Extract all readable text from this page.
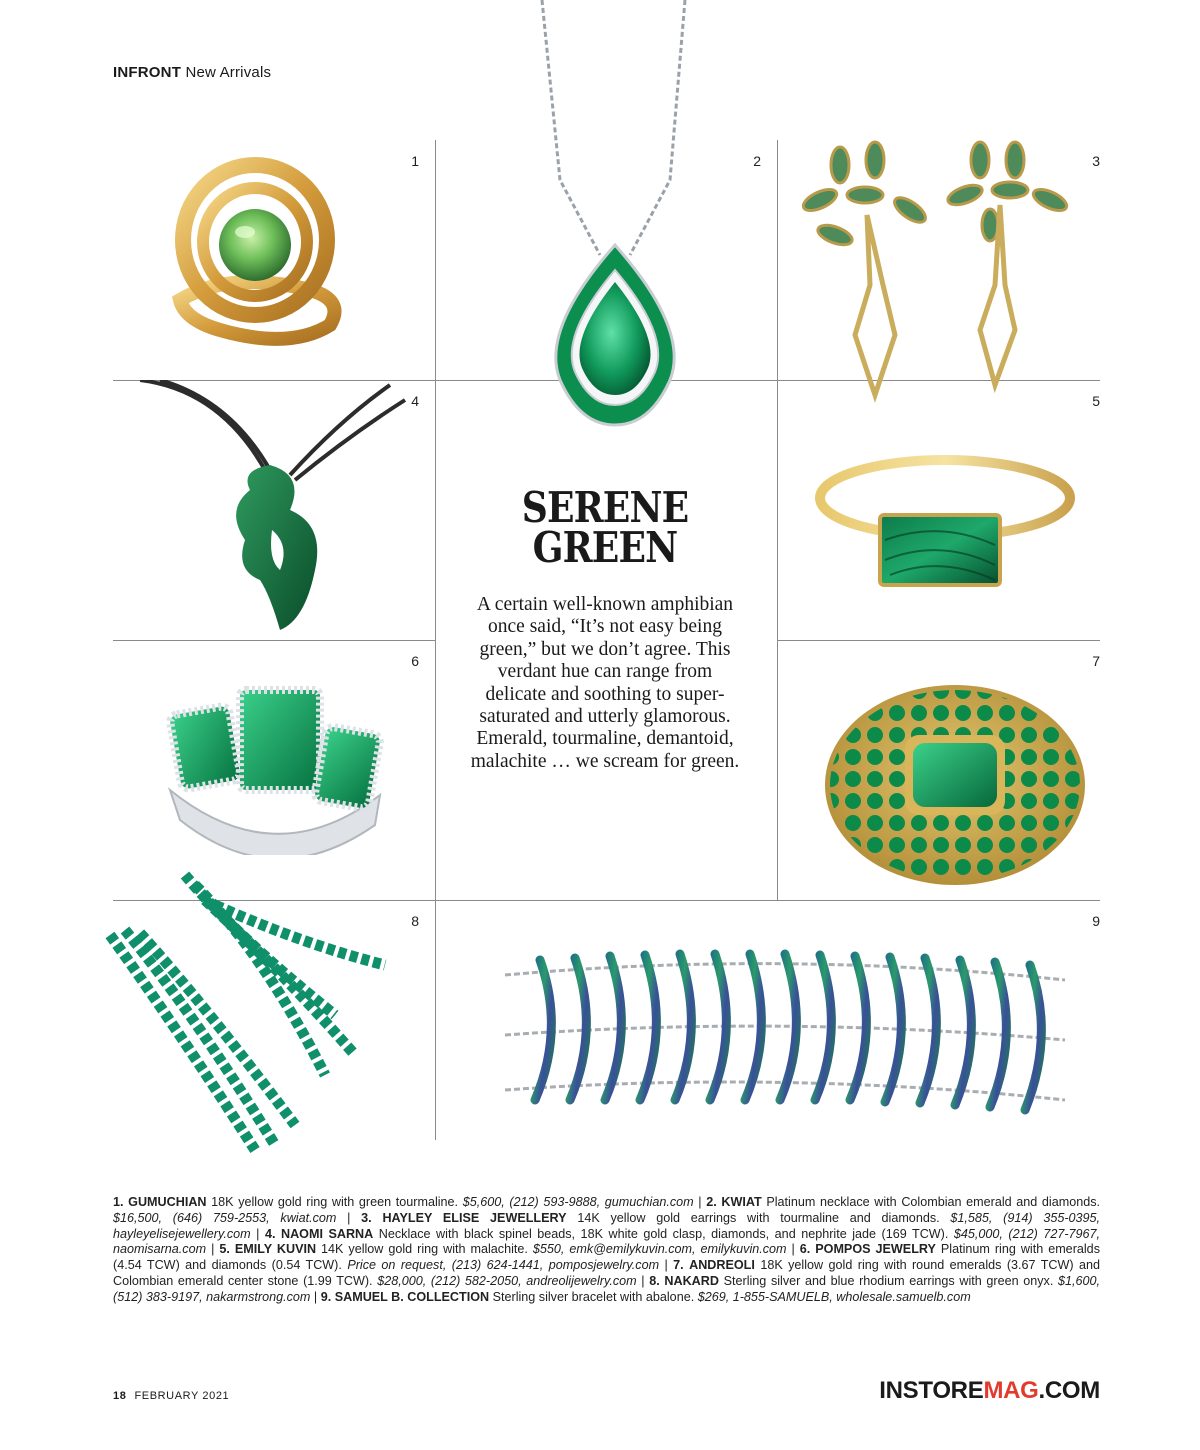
INFRONT New Arrivals
1	2	3
4	5
6	7
8	9
SERENE
GREEN
A certain well-known amphibian once said, “It’s not easy being green,” but we don’t agree. This verdant hue can range from delicate and soothing to super-saturated and utterly glamorous. Emerald, tourmaline, demantoid, malachite … we scream for green.
1. GUMUCHIAN 18K yellow gold ring with green tourmaline. $5,600, (212) 593-9888, gumuchian.com | 2. KWIAT Platinum necklace with Colombian emerald and diamonds. $16,500, (646) 759-2553, kwiat.com | 3. HAYLEY ELISE JEWELLERY 14K yellow gold earrings with tourmaline and diamonds. $1,585, (914) 355-0395, hayleyelisejewellery.com | 4. NAOMI SARNA Necklace with black spinel beads, 18K white gold clasp, diamonds, and nephrite jade (169 TCW). $45,000, (212) 727-7967, naomisarna.com | 5. EMILY KUVIN 14K yellow gold ring with malachite. $550, emk@emilykuvin.com, emilykuvin.com | 6. POMPOS JEWELRY Platinum ring with emeralds (4.54 TCW) and diamonds (0.54 TCW). Price on request, (213) 624-1441, pomposjewelry.com | 7. ANDREOLI 18K yellow gold ring with round emeralds (3.67 TCW) and Colombian emerald center stone (1.99 TCW). $28,000, (212) 582-2050, andreolijewelry.com | 8. NAKARD Sterling silver and blue rhodium earrings with green onyx. $1,600, (512) 383-9197, nakarmstrong.com | 9. SAMUEL B. COLLECTION Sterling silver bracelet with abalone. $269, 1-855-SAMUELB, wholesale.samuelb.com
18 FEBRUARY 2021	INSTOREMAG.COM
